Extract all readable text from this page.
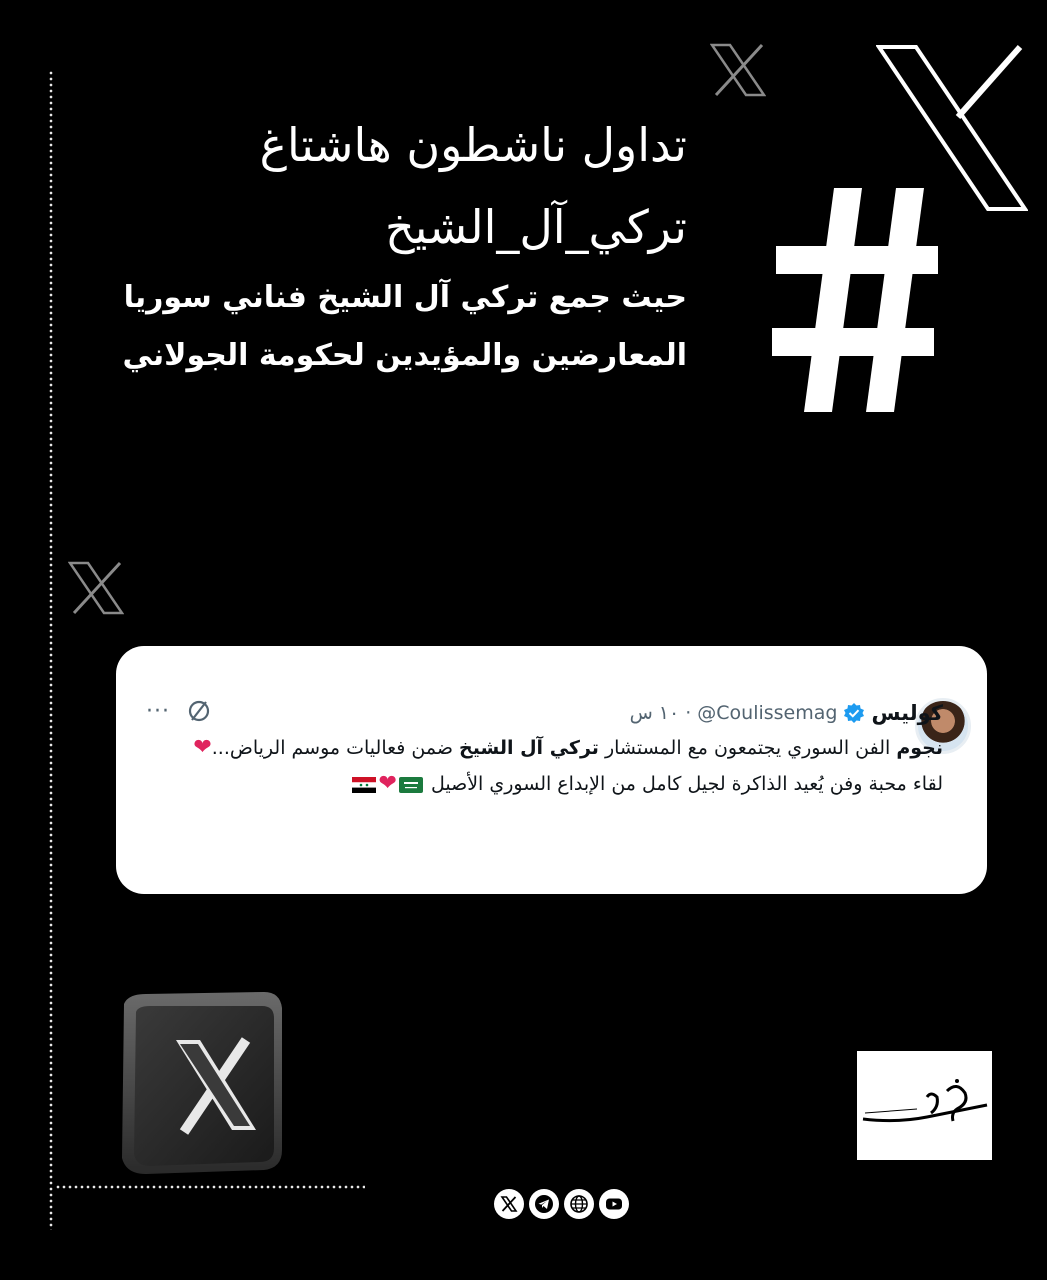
تداول ناشطون هاشتاغ
تركي_آل_الشيخ
حيث جمع تركي آل الشيخ فناني سوريا
المعارضين والمؤيدين لحكومة الجولاني
···	كوليس
@Coulissemag
·
١٠ س
نجوم الفن السوري يجتمعون مع المستشار تركي آل الشيخ ضمن فعاليات موسم الرياض...❤
لقاء محبة وفن يُعيد الذاكرة لجيل كامل من الإبداع السوري الأصيل ❤
